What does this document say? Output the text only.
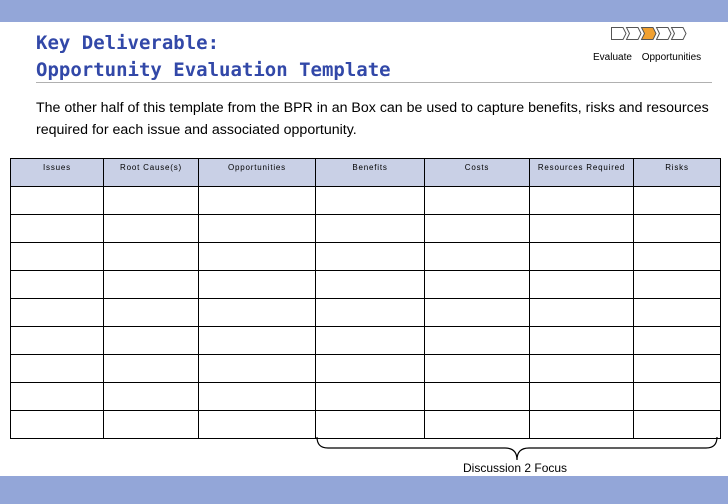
Key Deliverable:
Opportunity Evaluation Template
Evaluate Opportunities

The other half of this template from the BPR in an Box can be used to capture benefits, risks and resources required for each issue and associated opportunity.

Issues	Root Cause(s)	Opportunities	Benefits	Costs	Resources Required	Risks

Discussion 2 Focus
